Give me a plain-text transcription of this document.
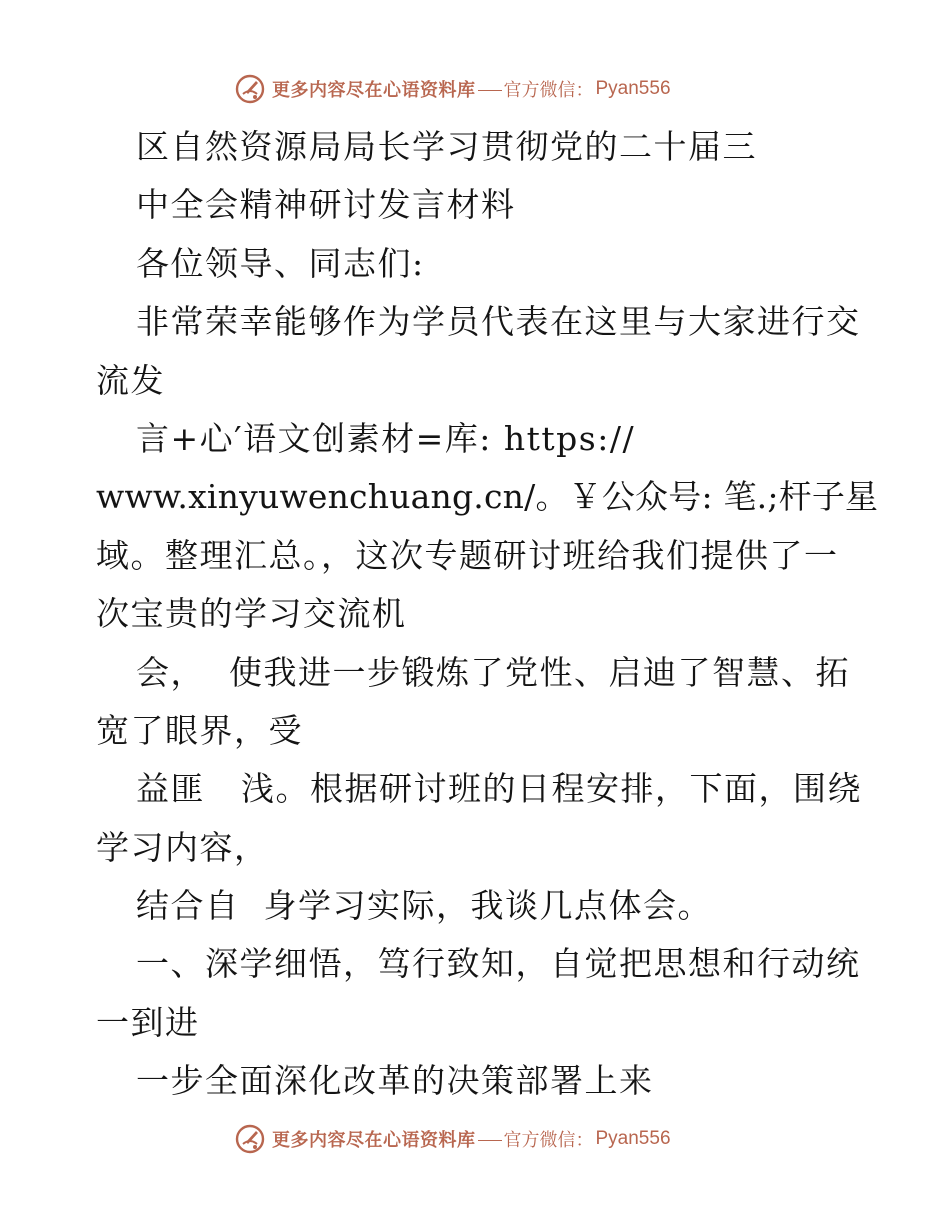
更多内容尽在心语资料库 官方微信： Pyan556

区自然资源局局长学习贯彻党的二十届三

中全会精神研讨发言材料

各位领导、同志们:

非常荣幸能够作为学员代表在这里与大家进行交

流发

言+心′语文创素材=库: https://

www.xinyuwenchuang.cn/。￥公众号: 笔.;杆子星

域。整理汇总。，这次专题研讨班给我们提供了一

次宝贵的学习交流机

会，  使我进一步锻炼了党性、启迪了智慧、拓

宽了眼界，受

益匪   浅。根据研讨班的日程安排，下面，围绕

学习内容，

结合自  身学习实际，我谈几点体会。

一、深学细悟，笃行致知，自觉把思想和行动统

一到进

一步全面深化改革的决策部署上来

更多内容尽在心语资料库 官方微信： Pyan556
